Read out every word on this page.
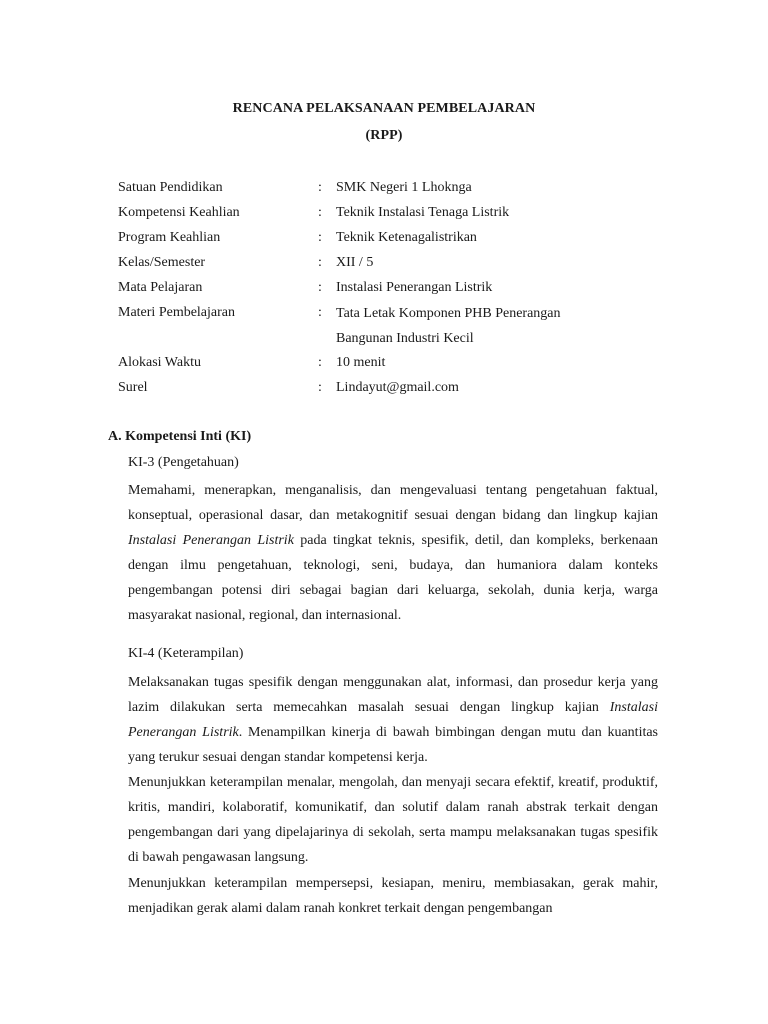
RENCANA PELAKSANAAN PEMBELAJARAN
(RPP)
Satuan Pendidikan	: SMK Negeri 1 Lhoknga
Kompetensi Keahlian	: Teknik Instalasi Tenaga Listrik
Program Keahlian	: Teknik Ketenagalistrikan
Kelas/Semester	: XII / 5
Mata Pelajaran	: Instalasi Penerangan Listrik
Materi Pembelajaran	: Tata Letak Komponen PHB Penerangan Bangunan Industri Kecil
Alokasi Waktu	: 10 menit
Surel	: Lindayut@gmail.com
A. Kompetensi Inti (KI)
KI-3 (Pengetahuan)
Memahami, menerapkan, menganalisis, dan mengevaluasi tentang pengetahuan faktual, konseptual, operasional dasar, dan metakognitif sesuai dengan bidang dan lingkup kajian Instalasi Penerangan Listrik pada tingkat teknis, spesifik, detil, dan kompleks, berkenaan dengan ilmu pengetahuan, teknologi, seni, budaya, dan humaniora dalam konteks pengembangan potensi diri sebagai bagian dari keluarga, sekolah, dunia kerja, warga masyarakat nasional, regional, dan internasional.
KI-4 (Keterampilan)
Melaksanakan tugas spesifik dengan menggunakan alat, informasi, dan prosedur kerja yang lazim dilakukan serta memecahkan masalah sesuai dengan lingkup kajian Instalasi Penerangan Listrik. Menampilkan kinerja di bawah bimbingan dengan mutu dan kuantitas yang terukur sesuai dengan standar kompetensi kerja.
Menunjukkan keterampilan menalar, mengolah, dan menyaji secara efektif, kreatif, produktif, kritis, mandiri, kolaboratif, komunikatif, dan solutif dalam ranah abstrak terkait dengan pengembangan dari yang dipelajarinya di sekolah, serta mampu melaksanakan tugas spesifik di bawah pengawasan langsung.
Menunjukkan keterampilan mempersepsi, kesiapan, meniru, membiasakan, gerak mahir, menjadikan gerak alami dalam ranah konkret terkait dengan pengembangan
